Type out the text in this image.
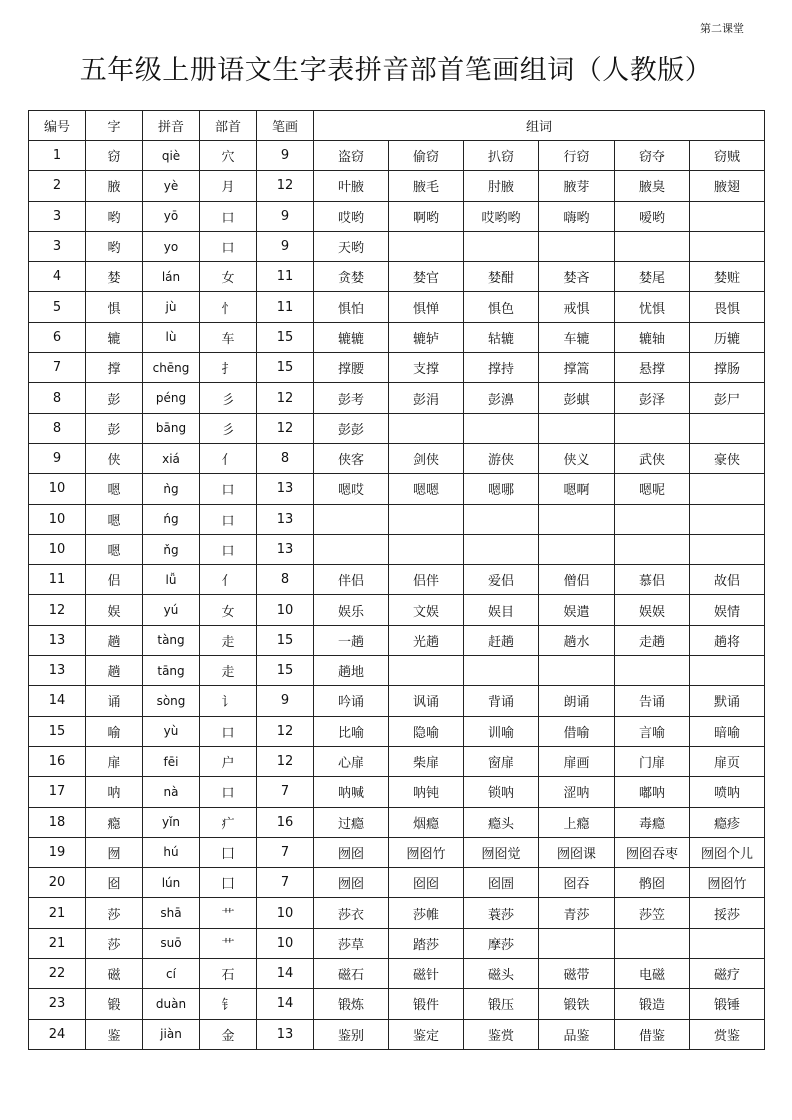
第二课堂
五年级上册语文生字表拼音部首笔画组词（人教版）
编号	字	拼音	部首	笔画	组词					
1	窃	qiè	穴	9	盗窃	偷窃	扒窃	行窃	窃夺	窃贼
2	腋	yè	月	12	叶腋	腋毛	肘腋	腋芽	腋臭	腋翅
3	哟	yō	口	9	哎哟	啊哟	哎哟哟	嗨哟	嗳哟	
3	哟	yo	口	9	天哟					
4	婪	lán	女	11	贪婪	婪官	婪酣	婪吝	婪尾	婪赃
5	惧	jù	忄	11	惧怕	惧惮	惧色	戒惧	忧惧	畏惧
6	辘	lù	车	15	辘辘	辘轳	轱辘	车辘	辘轴	历辘
7	撑	chēng	扌	15	撑腰	支撑	撑持	撑篙	悬撑	撑肠
8	彭	péng	彡	12	彭考	彭涓	彭濞	彭蜞	彭泽	彭尸
8	彭	bāng	彡	12	彭彭					
9	侠	xiá	亻	8	侠客	剑侠	游侠	侠义	武侠	豪侠
10	嗯	ǹg	口	13	嗯哎	嗯嗯	嗯哪	嗯啊	嗯呢	
10	嗯	ńg	口	13						
10	嗯	ňg	口	13						
11	侣	lǚ	亻	8	伴侣	侣伴	爱侣	僧侣	慕侣	故侣
12	娱	yú	女	10	娱乐	文娱	娱目	娱遣	娱娱	娱情
13	趟	tàng	走	15	一趟	光趟	赶趟	趟水	走趟	趟将
13	趟	tāng	走	15	趟地					
14	诵	sòng	讠	9	吟诵	讽诵	背诵	朗诵	告诵	默诵
15	喻	yù	口	12	比喻	隐喻	训喻	借喻	言喻	暗喻
16	扉	fēi	户	12	心扉	柴扉	窗扉	扉画	门扉	扉页
17	呐	nà	口	7	呐喊	呐钝	锁呐	涩呐	嘟呐	喷呐
18	瘾	yǐn	疒	16	过瘾	烟瘾	瘾头	上瘾	毒瘾	瘾疹
19	囫	hú	囗	7	囫囵	囫囵竹	囫囵觉	囫囵课	囫囵吞枣	囫囵个儿
20	囵	lún	囗	7	囫囵	囵囵	囵圄	囵吞	鹘囵	囫囵竹
21	莎	shā	艹	10	莎衣	莎帷	蓑莎	青莎	莎笠	挼莎
21	莎	suō	艹	10	莎草	踏莎	摩莎			
22	磁	cí	石	14	磁石	磁针	磁头	磁带	电磁	磁疗
23	锻	duàn	钅	14	锻炼	锻件	锻压	锻铁	锻造	锻锤
24	鉴	jiàn	金	13	鉴别	鉴定	鉴赏	品鉴	借鉴	赏鉴
